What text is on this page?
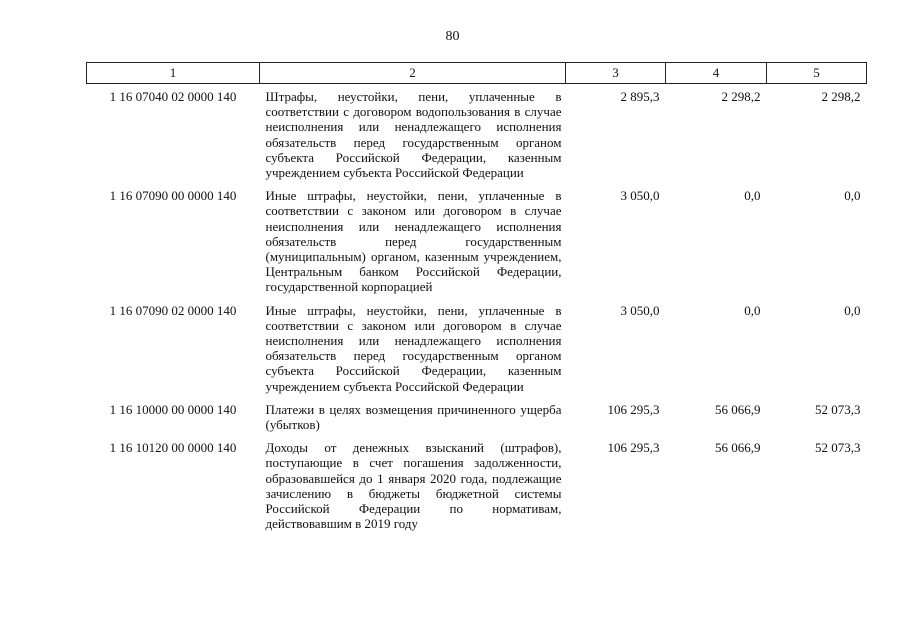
80
1	2	3	4	5
1 16 07040 02 0000 140	Штрафы, неустойки, пени, уплаченные в соответствии с договором водопользования в случае неисполнения или ненадлежащего исполнения обязательств перед государственным органом субъекта Российской Федерации, казенным учреждением субъекта Российской Федерации	2 895,3	2 298,2	2 298,2
1 16 07090 00 0000 140	Иные штрафы, неустойки, пени, уплаченные в соответствии с законом или договором в случае неисполнения или ненадлежащего исполнения обязательств перед государственным (муниципальным) органом, казенным учреждением, Центральным банком Российской Федерации, государственной корпорацией	3 050,0	0,0	0,0
1 16 07090 02 0000 140	Иные штрафы, неустойки, пени, уплаченные в соответствии с законом или договором в случае неисполнения или ненадлежащего исполнения обязательств перед государственным органом субъекта Российской Федерации, казенным учреждением субъекта Российской Федерации	3 050,0	0,0	0,0
1 16 10000 00 0000 140	Платежи в целях возмещения причиненного ущерба (убытков)	106 295,3	56 066,9	52 073,3
1 16 10120 00 0000 140	Доходы от денежных взысканий (штрафов), поступающие в счет погашения задолженности, образовавшейся до 1 января 2020 года, подлежащие зачислению в бюджеты бюджетной системы Российской Федерации по нормативам, действовавшим в 2019 году	106 295,3	56 066,9	52 073,3
